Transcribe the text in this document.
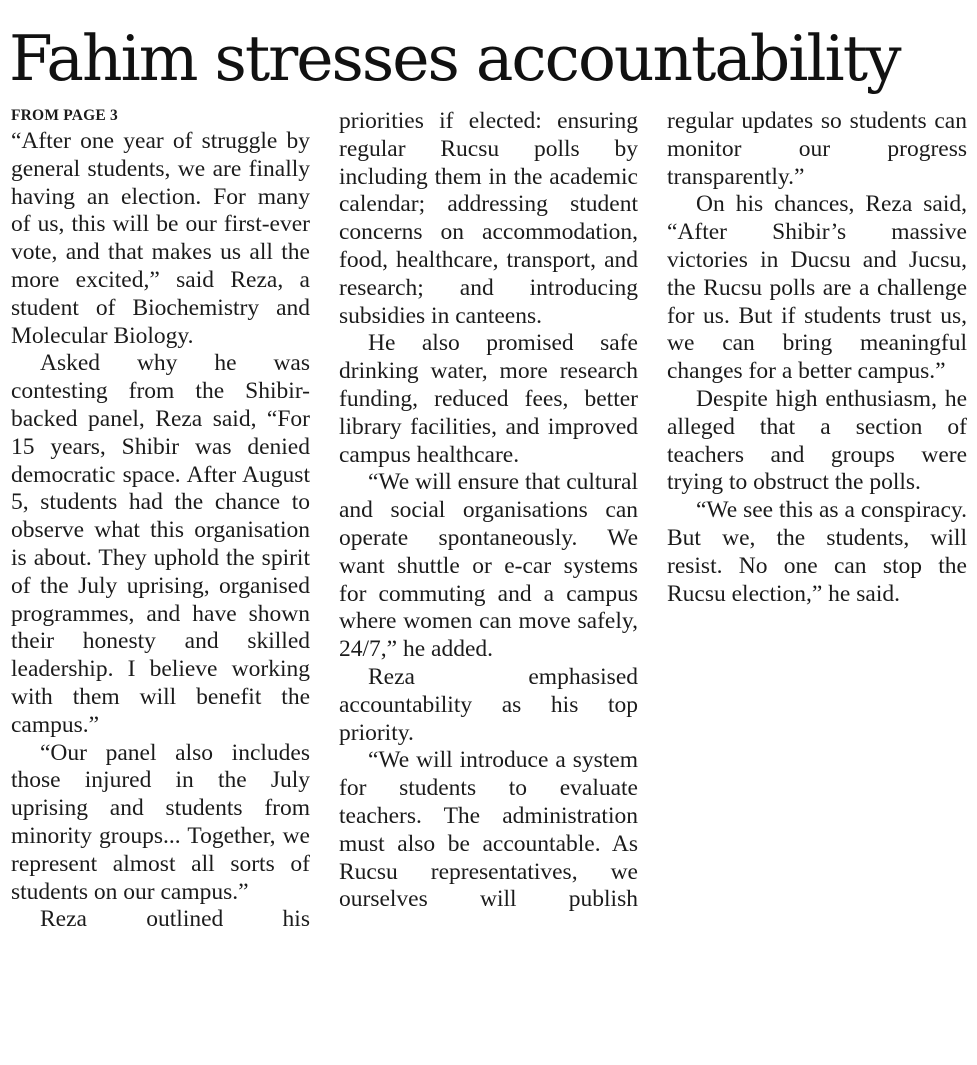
Fahim stresses accountability
FROM PAGE 3

“After one year of struggle by general students, we are finally having an election. For many of us, this will be our first-ever vote, and that makes us all the more excited,” said Reza, a student of Biochemistry and Molecular Biology.

Asked why he was contesting from the Shibir-backed panel, Reza said, “For 15 years, Shibir was denied democratic space. After August 5, students had the chance to observe what this organisation is about. They uphold the spirit of the July uprising, organised programmes, and have shown their honesty and skilled leadership. I believe working with them will benefit the campus.”

“Our panel also includes those injured in the July uprising and students from minority groups... Together, we represent almost all sorts of students on our campus.”

Reza outlined his

priorities if elected: ensuring regular Rucsu polls by including them in the academic calendar; addressing student concerns on accommodation, food, healthcare, transport, and research; and introducing subsidies in canteens.

He also promised safe drinking water, more research funding, reduced fees, better library facilities, and improved campus healthcare.

“We will ensure that cultural and social organisations can operate spontaneously. We want shuttle or e-car systems for commuting and a campus where women can move safely, 24/7,” he added.

Reza emphasised accountability as his top priority.

“We will introduce a system for students to evaluate teachers. The administration must also be accountable. As Rucsu representatives, we ourselves will publish

regular updates so students can monitor our progress transparently.”

On his chances, Reza said, “After Shibir’s massive victories in Ducsu and Jucsu, the Rucsu polls are a challenge for us. But if students trust us, we can bring meaningful changes for a better campus.”

Despite high enthusiasm, he alleged that a section of teachers and groups were trying to obstruct the polls.

“We see this as a conspiracy. But we, the students, will resist. No one can stop the Rucsu election,” he said.
